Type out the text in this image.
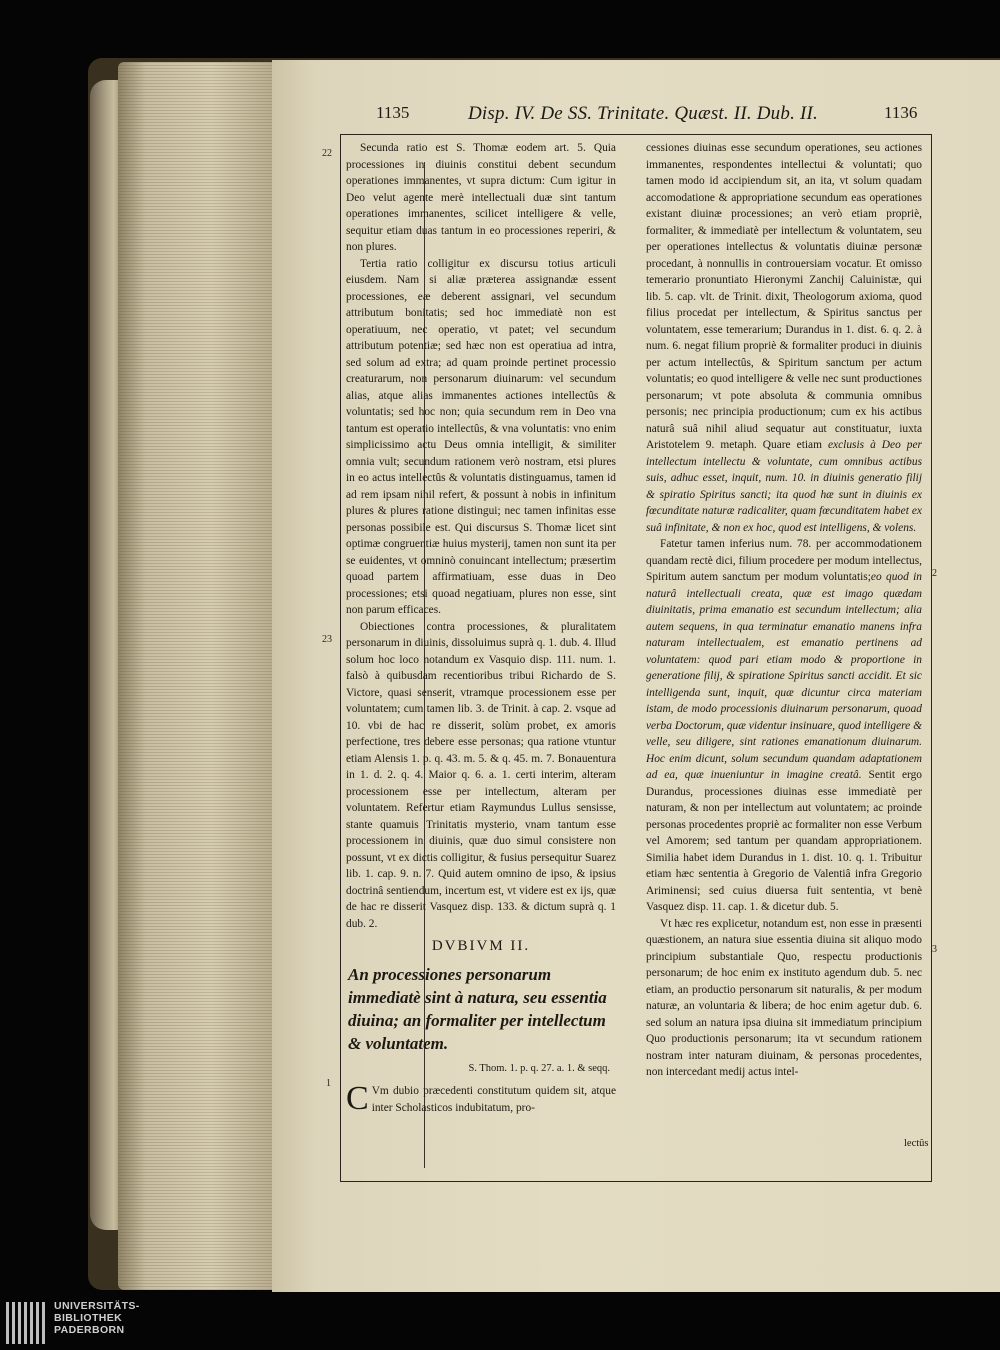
1135	Disp. IV. De SS. Trinitate. Quæst. II. Dub. II.	1136
22
23
1
2
3

Secunda ratio est S. Thomæ eodem art. 5. Quia processiones in diuinis constitui debent secundum operationes immanentes, vt supra dictum: Cum igitur in Deo velut agente merè intellectuali duæ sint tantum operationes immanentes, scilicet intelligere & velle, sequitur etiam duas tantum in eo processiones reperiri, & non plures.

Tertia ratio colligitur ex discursu totius articuli eiusdem. Nam si aliæ præterea assignandæ essent processiones, eæ deberent assignari, vel secundum attributum bonitatis; sed hoc immediatè non est operatiuum, nec operatio, vt patet; vel secundum attributum potentiæ; sed hæc non est operatiua ad intra, sed solum ad extra; ad quam proinde pertinet processio creaturarum, non personarum diuinarum: vel secundum alias, atque alias immanentes actiones intellectûs & voluntatis; sed hoc non; quia secundum rem in Deo vna tantum est operatio intellectûs, & vna voluntatis: vno enim simplicissimo actu Deus omnia intelligit, & similiter omnia vult; secundum rationem verò nostram, etsi plures in eo actus intellectûs & voluntatis distinguamus, tamen id ad rem ipsam nihil refert, & possunt à nobis in infinitum plures & plures ratione distingui; nec tamen infinitas esse personas possibile est. Qui discursus S. Thomæ licet sint optimæ congruentiæ huius mysterij, tamen non sunt ita per se euidentes, vt omninò conuincant intellectum; præsertim quoad partem affirmatiuam, esse duas in Deo processiones; etsi quoad negatiuam, plures non esse, sint non parum efficaces.

Obiectiones contra processiones, & pluralitatem personarum in diuinis, dissoluimus suprà q. 1. dub. 4. Illud solum hoc loco notandum ex Vasquio disp. 111. num. 1. falsò à quibusdam recentioribus tribui Richardo de S. Victore, quasi senserit, vtramque processionem esse per voluntatem; cum tamen lib. 3. de Trinit. à cap. 2. vsque ad 10. vbi de hac re disserit, solùm probet, ex amoris perfectione, tres debere esse personas; qua ratione vtuntur etiam Alensis 1. p. q. 43. m. 5. & q. 45. m. 7. Bonauentura in 1. d. 2. q. 4. Maior q. 6. a. 1. certi interim, alteram processionem esse per intellectum, alteram per voluntatem. Refertur etiam Raymundus Lullus sensisse, stante quamuis Trinitatis mysterio, vnam tantum esse processionem in diuinis, quæ duo simul consistere non possunt, vt ex dictis colligitur, & fusius persequitur Suarez lib. 1. cap. 9. n. 7. Quid autem omnino de ipso, & ipsius doctrinâ sentiendum, incertum est, vt videre est ex ijs, quæ de hac re disserit Vasquez disp. 133. & dictum suprà q. 1 dub. 2.

DVBIVM II.
An processiones personarum immediatè sint à natura, seu essentia diuina; an formaliter per intellectum & voluntatem.
S. Thom. 1. p. q. 27. a. 1. & seqq.

C Vm dubio præcedenti constitutum quidem sit, atque inter Scholasticos indubitatum, pro-

cessiones diuinas esse secundum operationes, seu actiones immanentes, respondentes intellectui & voluntati; quo tamen modo id accipiendum sit, an ita, vt solum quadam accomodatione & appropriatione secundum eas operationes existant diuinæ processiones; an verò etiam propriè, formaliter, & immediatè per intellectum & voluntatem, seu per operationes intellectus & voluntatis diuinæ personæ procedant, à nonnullis in controuersiam vocatur. Et omisso temerario pronuntiato Hieronymi Zanchij Caluinistæ, qui lib. 5. cap. vlt. de Trinit. dixit, Theologorum axioma, quod filius procedat per intellectum, & Spiritus sanctus per voluntatem, esse temerarium; Durandus in 1. dist. 6. q. 2. à num. 6. negat filium propriè & formaliter produci in diuinis per actum intellectûs, & Spiritum sanctum per actum voluntatis; eo quod intelligere & velle nec sunt productiones personarum; vt pote absoluta & communia omnibus personis; nec principia productionum; cum ex his actibus naturâ suâ nihil aliud sequatur aut constituatur, iuxta Aristotelem 9. metaph. Quare etiam exclusis à Deo per intellectum intellectu & voluntate, cum omnibus actibus suis, adhuc esset, inquit, num. 10. in diuinis generatio filij & spiratio Spiritus sancti; ita quod hæ sunt in diuinis ex fœcunditate naturæ radicaliter, quam fœcunditatem habet ex suâ infinitate, & non ex hoc, quod est intelligens, & volens.

Fatetur tamen inferius num. 78. per accommodationem quandam rectè dici, filium procedere per modum intellectus, Spiritum autem sanctum per modum voluntatis;eo quod in naturâ intellectuali creata, quæ est imago quædam diuinitatis, prima emanatio est secundum intellectum; alia autem sequens, in qua terminatur emanatio manens infra naturam intellectualem, est emanatio pertinens ad voluntatem: quod pari etiam modo & proportione in generatione filij, & spiratione Spiritus sancti accidit. Et sic intelligenda sunt, inquit, quæ dicuntur circa materiam istam, de modo processionis diuinarum personarum, quoad verba Doctorum, quæ videntur insinuare, quod intelligere & velle, seu diligere, sint rationes emanationum diuinarum. Hoc enim dicunt, solum secundum quandam adaptationem ad ea, quæ inueniuntur in imagine creatâ. Sentit ergo Durandus, processiones diuinas esse immediatè per naturam, & non per intellectum aut voluntatem; ac proinde personas procedentes propriè ac formaliter non esse Verbum vel Amorem; sed tantum per quandam appropriationem. Similia habet idem Durandus in 1. dist. 10. q. 1. Tribuitur etiam hæc sententia à Gregorio de Valentiâ infra Gregorio Ariminensi; sed cuius diuersa fuit sententia, vt benè Vasquez disp. 11. cap. 1. & dicetur dub. 5.

Vt hæc res explicetur, notandum est, non esse in præsenti quæstionem, an natura siue essentia diuina sit aliquo modo principium substantiale Quo, respectu productionis personarum; de hoc enim ex instituto agendum dub. 5. nec etiam, an productio personarum sit naturalis, & per modum naturæ, an voluntaria & libera; de hoc enim agetur dub. 6. sed solum an natura ipsa diuina sit immediatum principium Quo productionis personarum; ita vt secundum rationem nostram inter naturam diuinam, & personas procedentes, non intercedant medij actus intel-

lectûs
UNIVERSITÄTS-
BIBLIOTHEK
PADERBORN
